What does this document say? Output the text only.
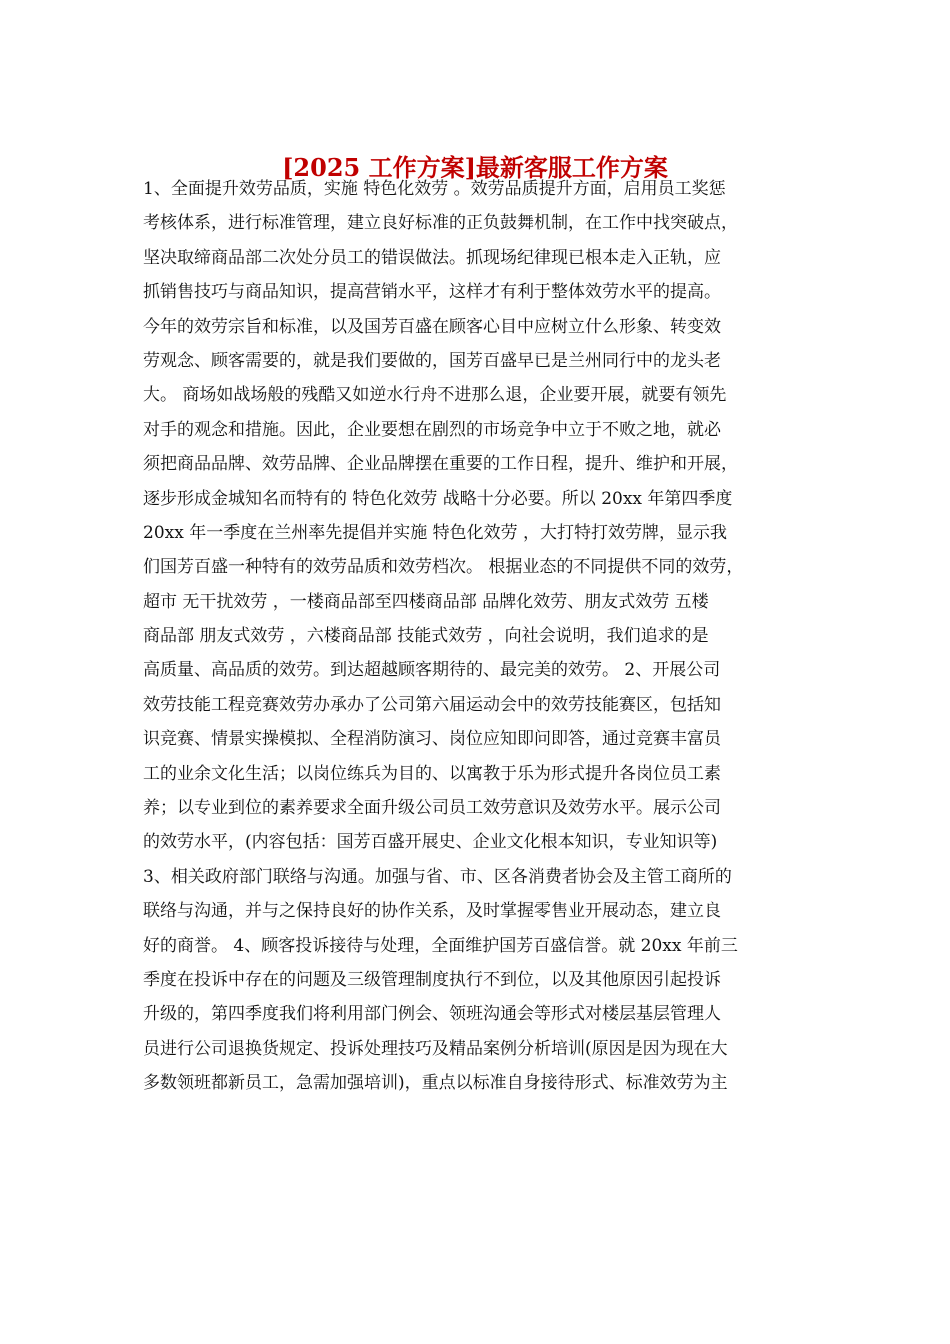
[2025 工作方案]最新客服工作方案
1、全面提升效劳品质，实施 特色化效劳 。效劳品质提升方面，启用员工奖惩
考核体系，进行标准管理，建立良好标准的正负鼓舞机制，在工作中找突破点，
坚决取缔商品部二次处分员工的错误做法。抓现场纪律现已根本走入正轨，应
抓销售技巧与商品知识，提高营销水平，这样才有利于整体效劳水平的提高。
今年的效劳宗旨和标准，以及国芳百盛在顾客心目中应树立什么形象、转变效
劳观念、顾客需要的，就是我们要做的，国芳百盛早已是兰州同行中的龙头老
大。 商场如战场般的残酷又如逆水行舟不进那么退，企业要开展，就要有领先
对手的观念和措施。因此，企业要想在剧烈的市场竞争中立于不败之地，就必
须把商品品牌、效劳品牌、企业品牌摆在重要的工作日程，提升、维护和开展，
逐步形成金城知名而特有的 特色化效劳 战略十分必要。所以 20xx 年第四季度
20xx 年一季度在兰州率先提倡并实施 特色化效劳 ，大打特打效劳牌，显示我
们国芳百盛一种特有的效劳品质和效劳档次。 根据业态的不同提供不同的效劳，
超市 无干扰效劳 ，一楼商品部至四楼商品部 品牌化效劳、朋友式效劳 五楼
商品部 朋友式效劳 ，六楼商品部 技能式效劳 ，向社会说明，我们追求的是
高质量、高品质的效劳。到达超越顾客期待的、最完美的效劳。 2、开展公司
效劳技能工程竞赛效劳办承办了公司第六届运动会中的效劳技能赛区，包括知
识竞赛、情景实操模拟、全程消防演习、岗位应知即问即答，通过竞赛丰富员
工的业余文化生活；以岗位练兵为目的、以寓教于乐为形式提升各岗位员工素
养；以专业到位的素养要求全面升级公司员工效劳意识及效劳水平。展示公司
的效劳水平，(内容包括：国芳百盛开展史、企业文化根本知识，专业知识等)
3、相关政府部门联络与沟通。加强与省、市、区各消费者协会及主管工商所的
联络与沟通，并与之保持良好的协作关系，及时掌握零售业开展动态，建立良
好的商誉。 4、顾客投诉接待与处理，全面维护国芳百盛信誉。就 20xx 年前三
季度在投诉中存在的问题及三级管理制度执行不到位，以及其他原因引起投诉
升级的，第四季度我们将利用部门例会、领班沟通会等形式对楼层基层管理人
员进行公司退换货规定、投诉处理技巧及精品案例分析培训(原因是因为现在大
多数领班都新员工，急需加强培训)，重点以标准自身接待形式、标准效劳为主
